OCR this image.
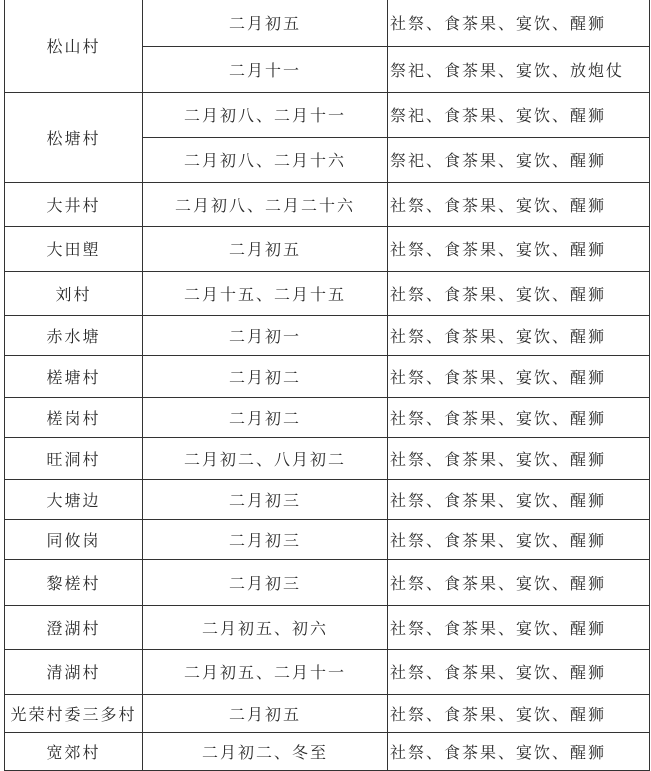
松山村	二月初五	社祭、食茶果、宴饮、醒狮
	二月十一	祭祀、食茶果、宴饮、放炮仗
松塘村	二月初八、二月十一	祭祀、食茶果、宴饮、醒狮
	二月初八、二月十六	祭祀、食茶果、宴饮、醒狮
大井村	二月初八、二月二十六	社祭、食茶果、宴饮、醒狮
大田塱	二月初五	社祭、食茶果、宴饮、醒狮
刘村	二月十五、二月十五	社祭、食茶果、宴饮、醒狮
赤水塘	二月初一	社祭、食茶果、宴饮、醒狮
槎塘村	二月初二	社祭、食茶果、宴饮、醒狮
槎岗村	二月初二	社祭、食茶果、宴饮、醒狮
旺洞村	二月初二、八月初二	社祭、食茶果、宴饮、醒狮
大塘边	二月初三	社祭、食茶果、宴饮、醒狮
同攸岗	二月初三	社祭、食茶果、宴饮、醒狮
黎槎村	二月初三	社祭、食茶果、宴饮、醒狮
澄湖村	二月初五、初六	社祭、食茶果、宴饮、醒狮
清湖村	二月初五、二月十一	社祭、食茶果、宴饮、醒狮
光荣村委三多村	二月初五	社祭、食茶果、宴饮、醒狮
宽郊村	二月初二、冬至	社祭、食茶果、宴饮、醒狮
